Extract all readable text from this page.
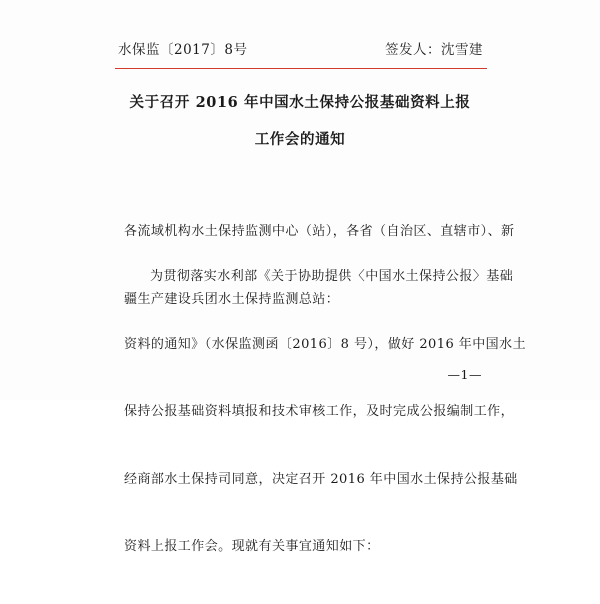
水保监〔2017〕8号	签发人：沈雪建
关于召开 2016 年中国水土保持公报基础资料上报
工作会的通知

各流域机构水土保持监测中心（站），各省（自治区、直辖市）、新

疆生产建设兵团水土保持监测总站：

为贯彻落实水利部《关于协助提供〈中国水土保持公报〉基础

资料的通知》（水保监测函〔2016〕8 号），做好 2016 年中国水土

保持公报基础资料填报和技术审核工作，及时完成公报编制工作，

经商部水土保持司同意，决定召开 2016 年中国水土保持公报基础

资料上报工作会。现就有关事宜通知如下：

—1—
